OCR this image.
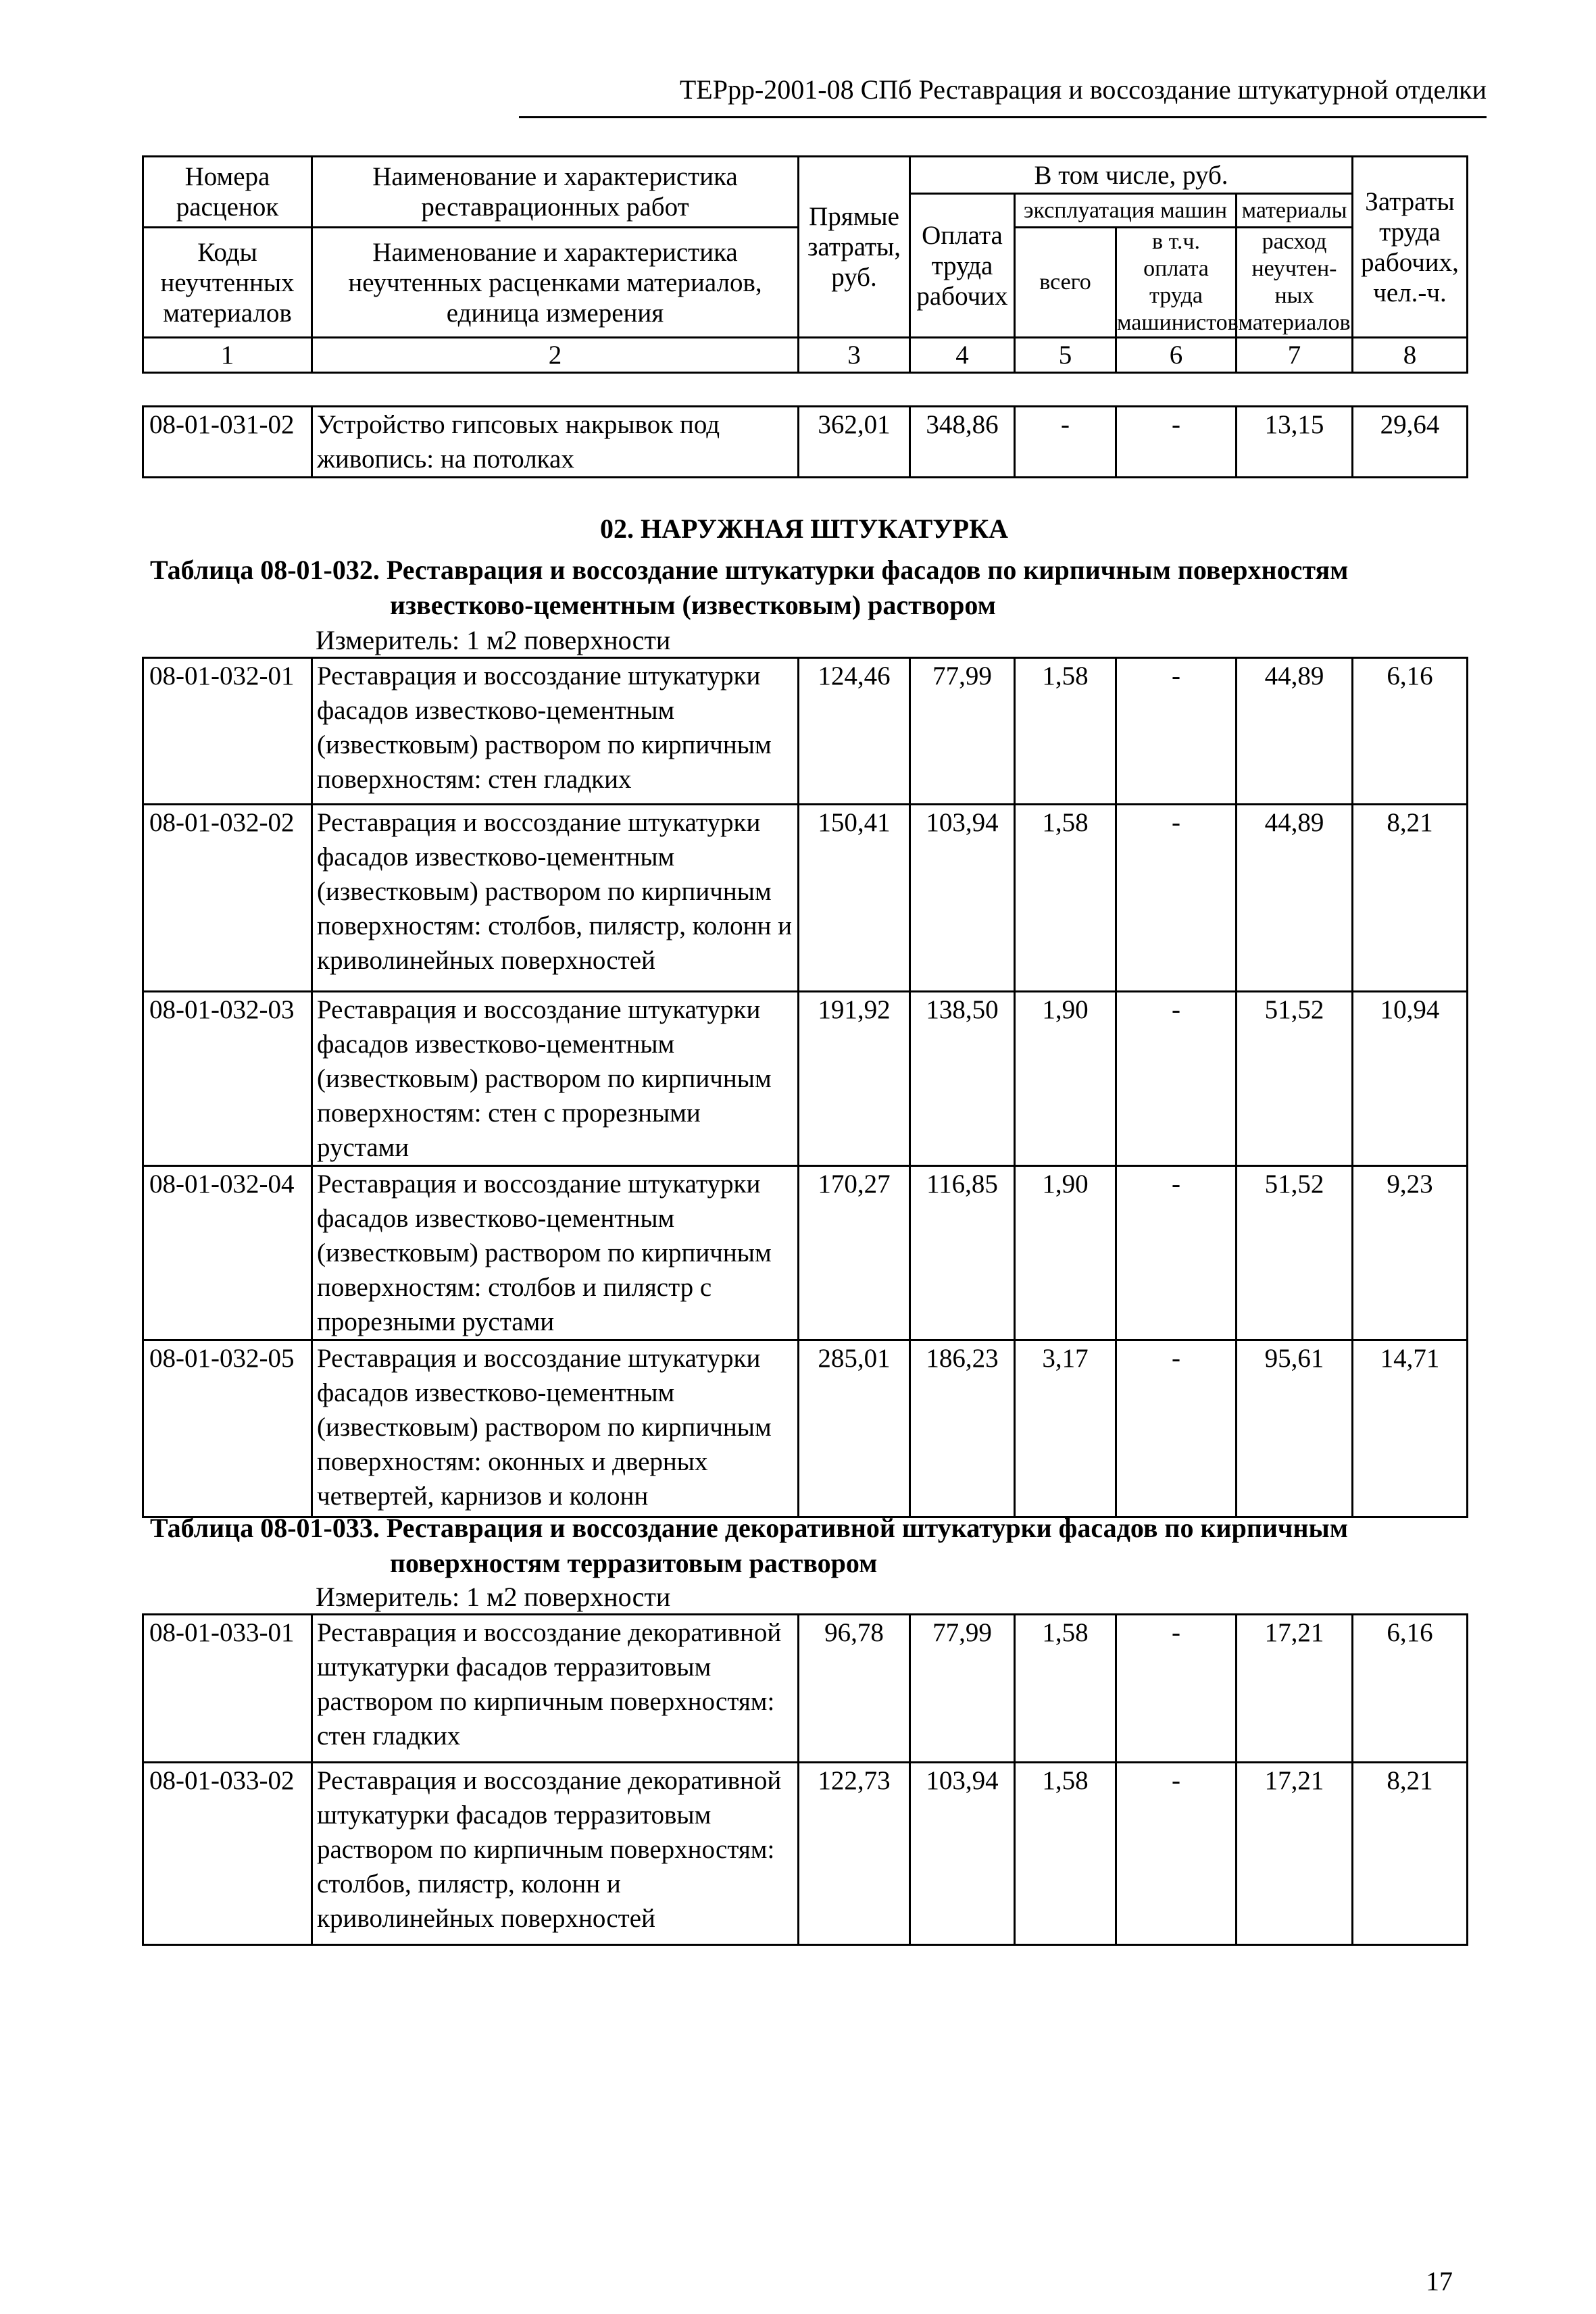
ТЕРрр-2001-08 СПб Реставрация и воссоздание штукатурной отделки
Номера расценок	Наименование и характеристика реставрационных работ	Прямые затраты, руб.	В том числе, руб.				Затраты труда рабочих, чел.-ч.
			Оплата труда рабочих	эксплуатация машин		материалы	
Коды неучтенных материалов	Наименование и характеристика неучтенных расценками материалов, единица измерения			всего	в т.ч. оплата труда машинистов	расход неучтен-ных материалов	

1	2	3	4	5	6	7	8
08-01-031-02	Устройство гипсовых накрывок под живопись: на потолках	362,01	348,86	-	-	13,15	29,64
02. НАРУЖНАЯ ШТУКАТУРКА
Таблица 08-01-032. Реставрация и воссоздание штукатурки фасадов по кирпичным поверхностям
известково-цементным (известковым) раствором
Измеритель: 1 м2 поверхности
08-01-032-01	Реставрация и воссоздание штукатурки фасадов известково-цементным (известковым) раствором по кирпичным поверхностям: стен гладких	124,46	77,99	1,58	-	44,89	6,16
08-01-032-02	Реставрация и воссоздание штукатурки фасадов известково-цементным (известковым) раствором по кирпичным поверхностям: столбов, пилястр, колонн и криволинейных поверхностей	150,41	103,94	1,58	-	44,89	8,21
08-01-032-03	Реставрация и воссоздание штукатурки фасадов известково-цементным (известковым) раствором по кирпичным поверхностям: стен с прорезными рустами	191,92	138,50	1,90	-	51,52	10,94
08-01-032-04	Реставрация и воссоздание штукатурки фасадов известково-цементным (известковым) раствором по кирпичным поверхностям: столбов и пилястр с прорезными рустами	170,27	116,85	1,90	-	51,52	9,23
08-01-032-05	Реставрация и воссоздание штукатурки фасадов известково-цементным (известковым) раствором по кирпичным поверхностям: оконных и дверных четвертей, карнизов и колонн	285,01	186,23	3,17	-	95,61	14,71
Таблица 08-01-033. Реставрация и воссоздание декоративной штукатурки фасадов по кирпичным
поверхностям терразитовым раствором
Измеритель: 1 м2 поверхности
08-01-033-01	Реставрация и воссоздание декоративной штукатурки фасадов терразитовым раствором по кирпичным поверхностям: стен гладких	96,78	77,99	1,58	-	17,21	6,16
08-01-033-02	Реставрация и воссоздание декоративной штукатурки фасадов терразитовым раствором по кирпичным поверхностям: столбов, пилястр, колонн и криволинейных поверхностей	122,73	103,94	1,58	-	17,21	8,21
17
